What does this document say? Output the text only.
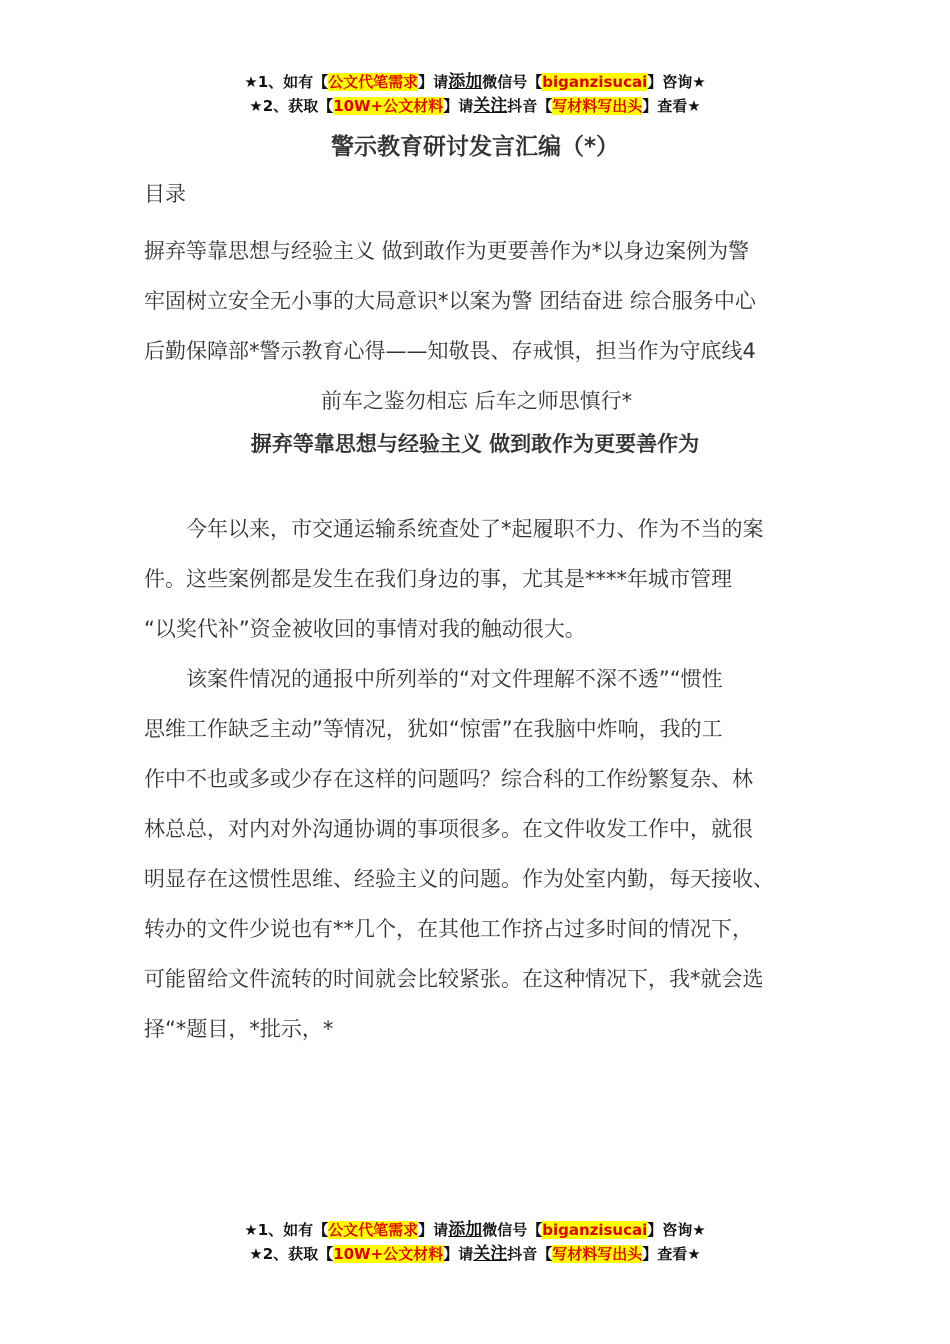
★1、如有【公文代笔需求】请添加微信号【biganzisucai】咨询★
★2、获取【10W+公文材料】请关注抖音【写材料写出头】查看★
警示教育研讨发言汇编（*）
目录

摒弃等靠思想与经验主义 做到敢作为更要善作为*以身边案例为警

牢固树立安全无小事的大局意识*以案为警 团结奋进 综合服务中心

后勤保障部*警示教育心得——知敬畏、存戒惧，担当作为守底线4

前车之鉴勿相忘 后车之师思慎行*

摒弃等靠思想与经验主义 做到敢作为更要善作为

今年以来，市交通运输系统查处了*起履职不力、作为不当的案

件。这些案例都是发生在我们身边的事，尤其是****年城市管理

“以奖代补”资金被收回的事情对我的触动很大。

该案件情况的通报中所列举的“对文件理解不深不透”“惯性

思维工作缺乏主动”等情况，犹如“惊雷”在我脑中炸响，我的工

作中不也或多或少存在这样的问题吗？综合科的工作纷繁复杂、林

林总总，对内对外沟通协调的事项很多。在文件收发工作中，就很

明显存在这惯性思维、经验主义的问题。作为处室内勤，每天接收、

转办的文件少说也有**几个，在其他工作挤占过多时间的情况下，

可能留给文件流转的时间就会比较紧张。在这种情况下，我*就会选

择“*题目，*批示，*

★1、如有【公文代笔需求】请添加微信号【biganzisucai】咨询★
★2、获取【10W+公文材料】请关注抖音【写材料写出头】查看★
